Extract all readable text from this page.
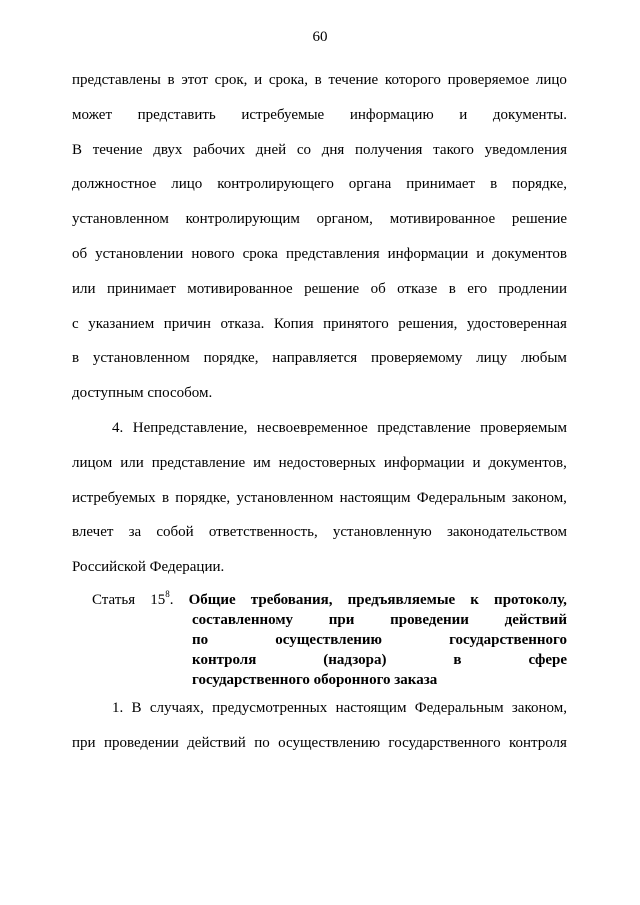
60
представлены в этот срок, и срока, в течение которого проверяемое лицо
может представить истребуемые информацию и документы.
В течение двух рабочих дней со дня получения такого уведомления
должностное лицо контролирующего органа принимает в порядке,
установленном контролирующим органом, мотивированное решение
об установлении нового срока представления информации и документов
или принимает мотивированное решение об отказе в его продлении
с указанием причин отказа. Копия принятого решения, удостоверенная
в установленном порядке, направляется проверяемому лицу любым
доступным способом.
4. Непредставление, несвоевременное представление проверяемым
лицом или представление им недостоверных информации и документов,
истребуемых в порядке, установленном настоящим Федеральным законом,
влечет за собой ответственность, установленную законодательством
Российской Федерации.
Статья $15^8$. Общие требования, предъявляемые к протоколу,
составленному при проведении действий
по	осуществлению	государственного
контроля	(надзора)	в	сфере
государственного оборонного заказа
1. В случаях, предусмотренных настоящим Федеральным законом,
при проведении действий по осуществлению государственного контроля
